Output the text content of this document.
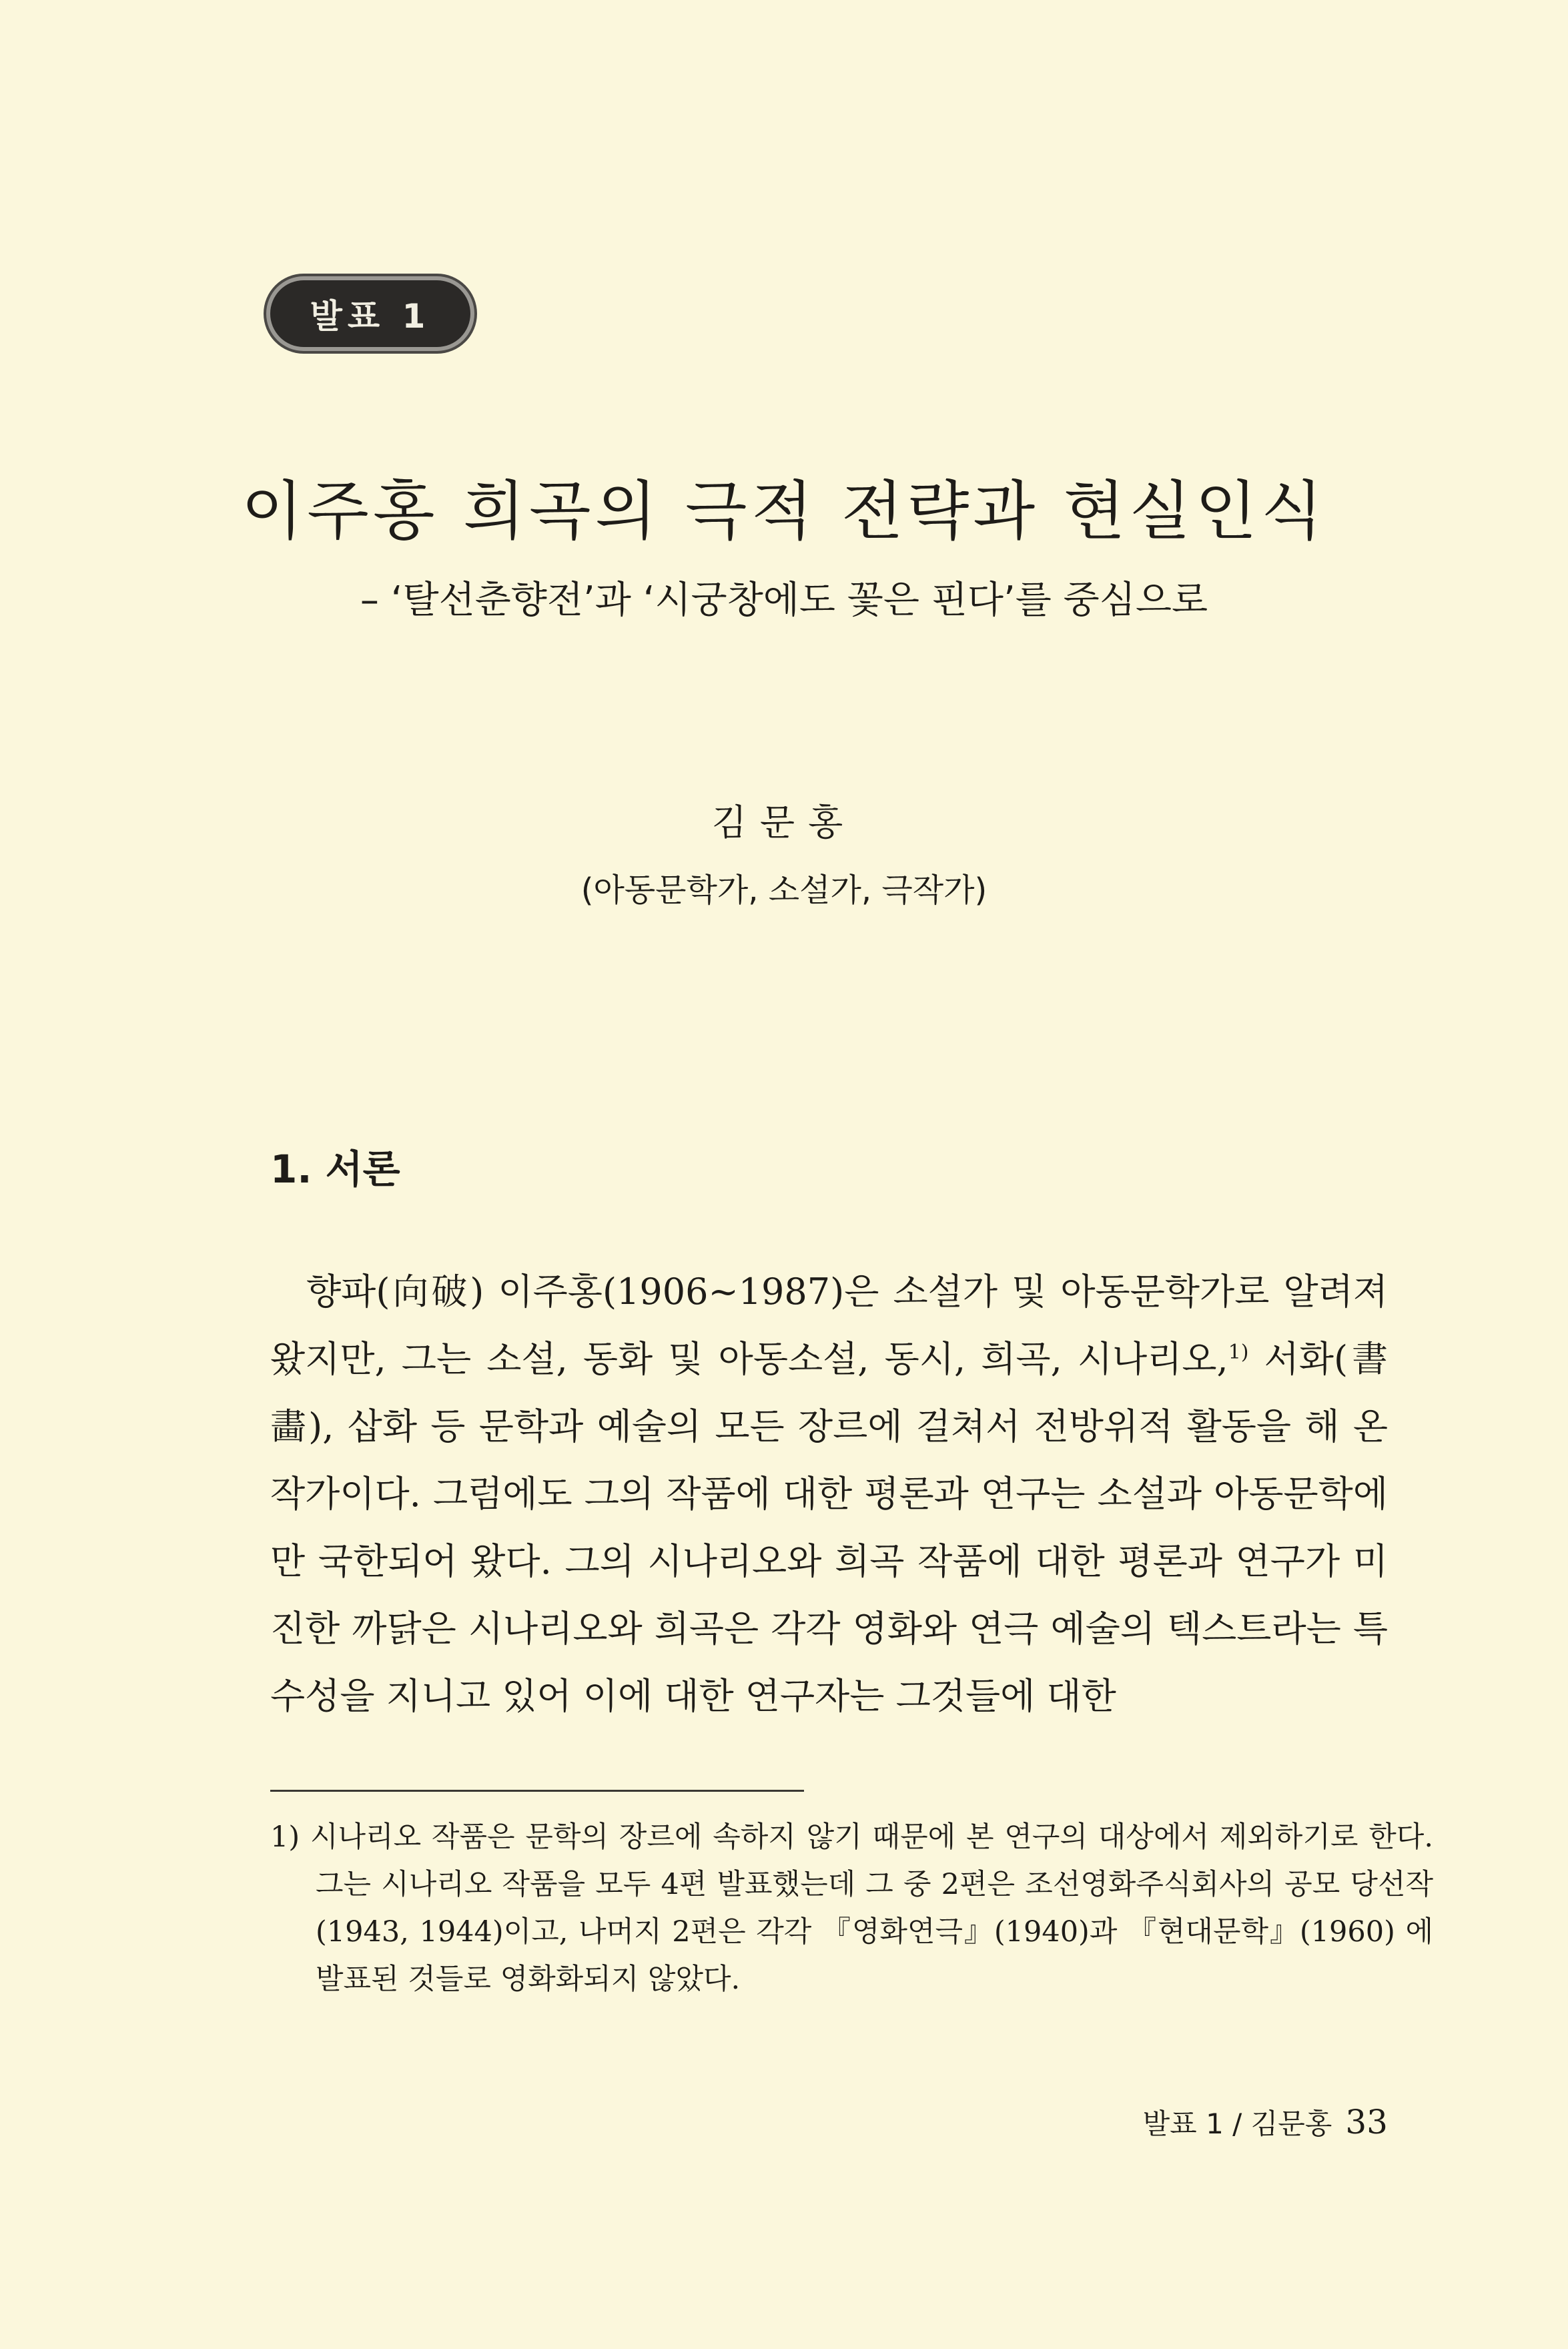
발표 1
이주홍 희곡의 극적 전략과 현실인식

– ‘탈선춘향전’과 ‘시궁창에도 꽃은 핀다’를 중심으로

김문홍
(아동문학가, 소설가, 극작가)
1. 서론

향파(向破) 이주홍(1906~1987)은 소설가 및 아동문학가로 알려져 왔지만, 그는 소설, 동화 및 아동소설, 동시, 희곡, 시나리오,$^{1)}$ 서화(書畵), 삽화 등 문학과 예술의 모든 장르에 걸쳐서 전방위적 활동을 해 온 작가이다. 그럼에도 그의 작품에 대한 평론과 연구는 소설과 아동문학에만 국한되어 왔다. 그의 시나리오와 희곡 작품에 대한 평론과 연구가 미진한 까닭은 시나리오와 희곡은 각각 영화와 연극 예술의 텍스트라는 특수성을 지니고 있어 이에 대한 연구자는 그것들에 대한

1) 시나리오 작품은 문학의 장르에 속하지 않기 때문에 본 연구의 대상에서 제외하기로 한다. 그는 시나리오 작품을 모두 4편 발표했는데 그 중 2편은 조선영화주식회사의 공모 당선작(1943, 1944)이고, 나머지 2편은 각각 『영화연극』(1940)과 『현대문학』(1960) 에 발표된 것들로 영화화되지 않았다.

발표 1 / 김문홍 33
